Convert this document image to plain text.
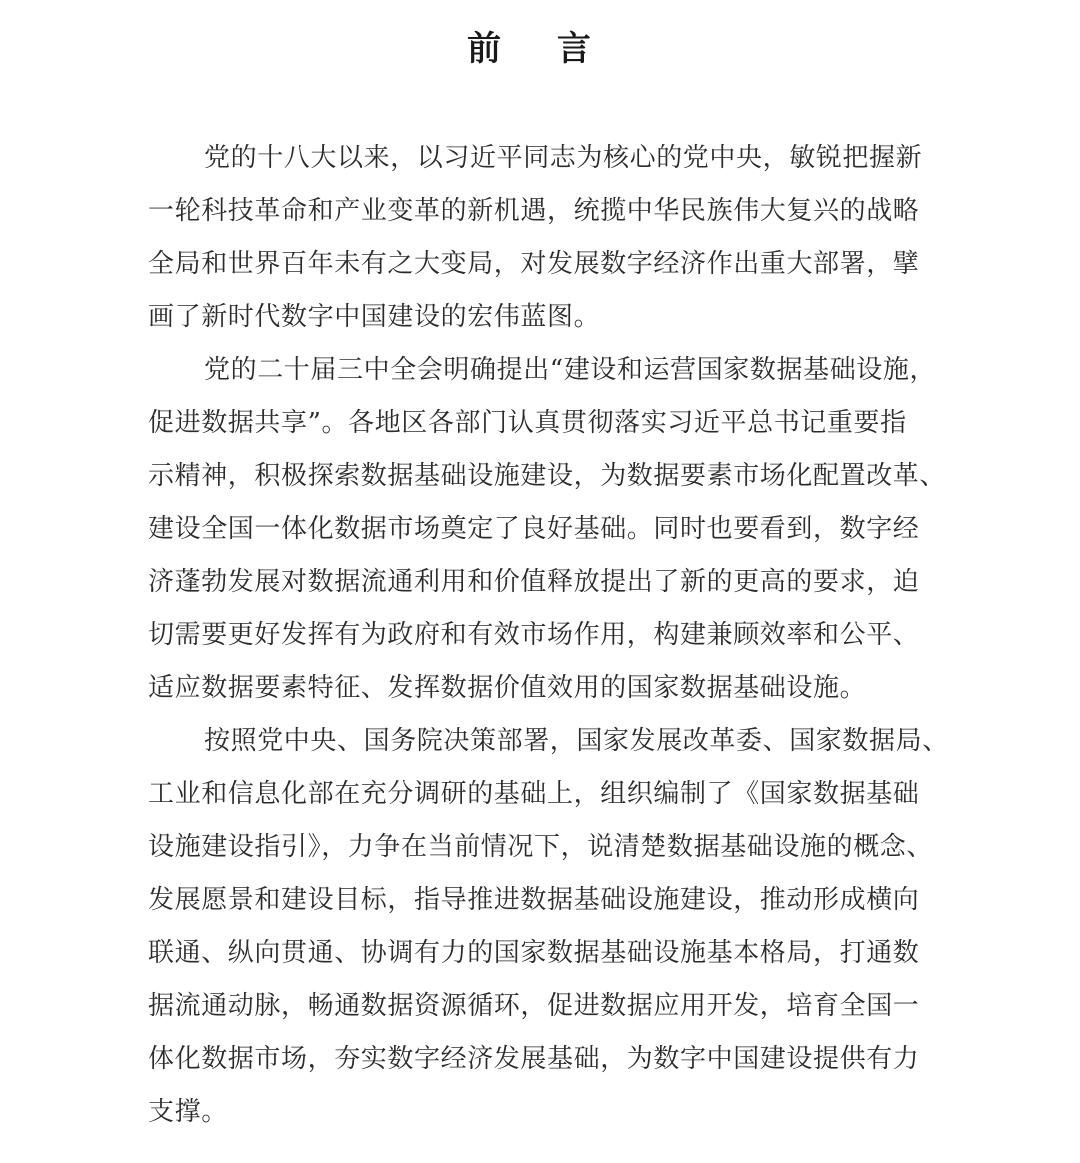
前 言
党的十八大以来，以习近平同志为核心的党中央，敏锐把握新
一轮科技革命和产业变革的新机遇，统揽中华民族伟大复兴的战略
全局和世界百年未有之大变局，对发展数字经济作出重大部署，擘
画了新时代数字中国建设的宏伟蓝图。
党的二十届三中全会明确提出“建设和运营国家数据基础设施，
促进数据共享”。各地区各部门认真贯彻落实习近平总书记重要指
示精神，积极探索数据基础设施建设，为数据要素市场化配置改革、
建设全国一体化数据市场奠定了良好基础。同时也要看到，数字经
济蓬勃发展对数据流通利用和价值释放提出了新的更高的要求，迫
切需要更好发挥有为政府和有效市场作用，构建兼顾效率和公平、
适应数据要素特征、发挥数据价值效用的国家数据基础设施。
按照党中央、国务院决策部署，国家发展改革委、国家数据局、
工业和信息化部在充分调研的基础上，组织编制了《国家数据基础
设施建设指引》，力争在当前情况下，说清楚数据基础设施的概念、
发展愿景和建设目标，指导推进数据基础设施建设，推动形成横向
联通、纵向贯通、协调有力的国家数据基础设施基本格局，打通数
据流通动脉，畅通数据资源循环，促进数据应用开发，培育全国一
体化数据市场，夯实数字经济发展基础，为数字中国建设提供有力
支撑。
